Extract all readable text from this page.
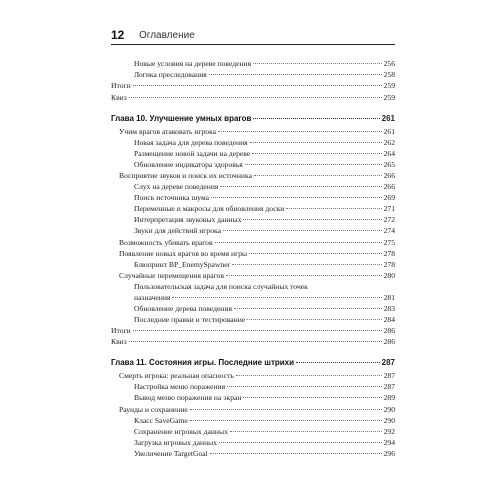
12	Оглавление
Новые условия на дереве поведения	256
Логика преследования	258
Итоги	259
Квиз	259
Глава 10. Улучшение умных врагов	261
Учим врагов атаковать игрока	261
Новая задача для дерева поведения	262
Размещение новой задачи на дереве	264
Обновление индикатора здоровья	265
Восприятие звуков и поиск их источника	266
Слух на дереве поведения	266
Поиск источника шума	269
Переменные и макросы для обновления доски	271
Интерпретация звуковых данных	272
Звуки для действий игрока	274
Возможность убивать врагов	275
Появление новых врагов во время игры	278
Блюпринт BP_EnemySpawner	278
Случайные перемещения врагов	280
Пользовательская задача для поиска случайных точек
назначения	281
Обновление дерева поведения	283
Последние правки и тестирование	284
Итоги	286
Квиз	286
Глава 11. Состояния игры. Последние штрихи	287
Смерть игрока: реальная опасность	287
Настройка меню поражения	287
Вывод меню поражения на экран	289
Раунды и сохранение	290
Класс SaveGame	290
Сохранение игровых данных	292
Загрузка игровых данных	294
Увеличение TargetGoal	296
